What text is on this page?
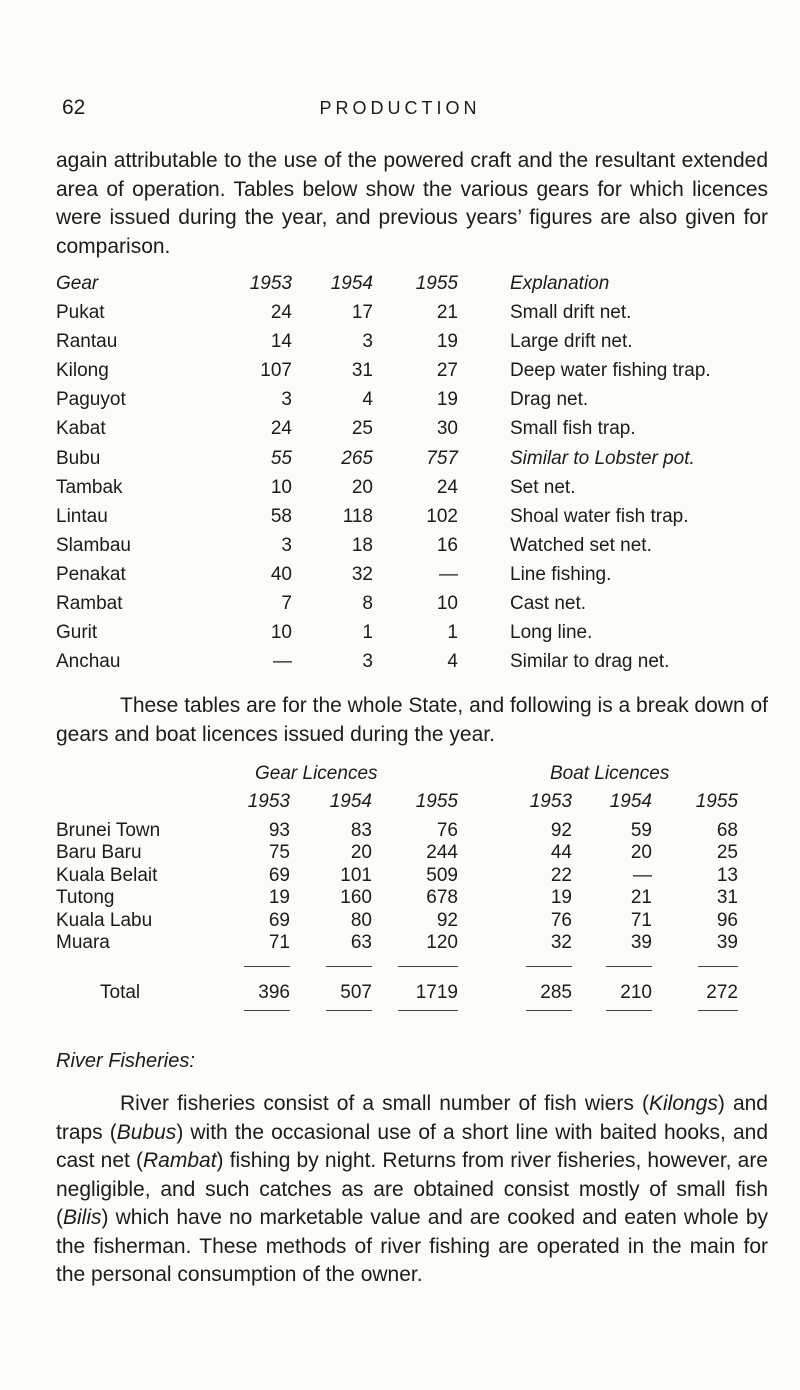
62	PRODUCTION
again attributable to the use of the powered craft and the resultant extended area of operation. Tables below show the various gears for which licences were issued during the year, and previous years’ figures are also given for comparison.
Gear	1953	1954	1955	Explanation
Pukat	24	17	21	Small drift net.
Rantau	14	3	19	Large drift net.
Kilong	107	31	27	Deep water fishing trap.
Paguyot	3	4	19	Drag net.
Kabat	24	25	30	Small fish trap.
Bubu	55	265	757	Similar to Lobster pot.
Tambak	10	20	24	Set net.
Lintau	58	118	102	Shoal water fish trap.
Slambau	3	18	16	Watched set net.
Penakat	40	32	—	Line fishing.
Rambat	7	8	10	Cast net.
Gurit	10	1	1	Long line.
Anchau	—	3	4	Similar to drag net.
These tables are for the whole State, and following is a break down of gears and boat licences issued during the year.
Gear Licences	Boat Licences
1953	1954	1955	1953	1954	1955
Brunei Town	93	83	76	92	59	68
Baru Baru	75	20	244	44	20	25
Kuala Belait	69	101	509	22	—	13
Tutong	19	160	678	19	21	31
Kuala Labu	69	80	92	76	71	96
Muara	71	63	120	32	39	39
Total	396	507	1719	285	210	272
River Fisheries:
River fisheries consist of a small number of fish wiers (Kilongs) and traps (Bubus) with the occasional use of a short line with baited hooks, and cast net (Rambat) fishing by night. Returns from river fisheries, however, are negligible, and such catches as are obtained consist mostly of small fish (Bilis) which have no marketable value and are cooked and eaten whole by the fisherman. These methods of river fishing are operated in the main for the personal consumption of the owner.
